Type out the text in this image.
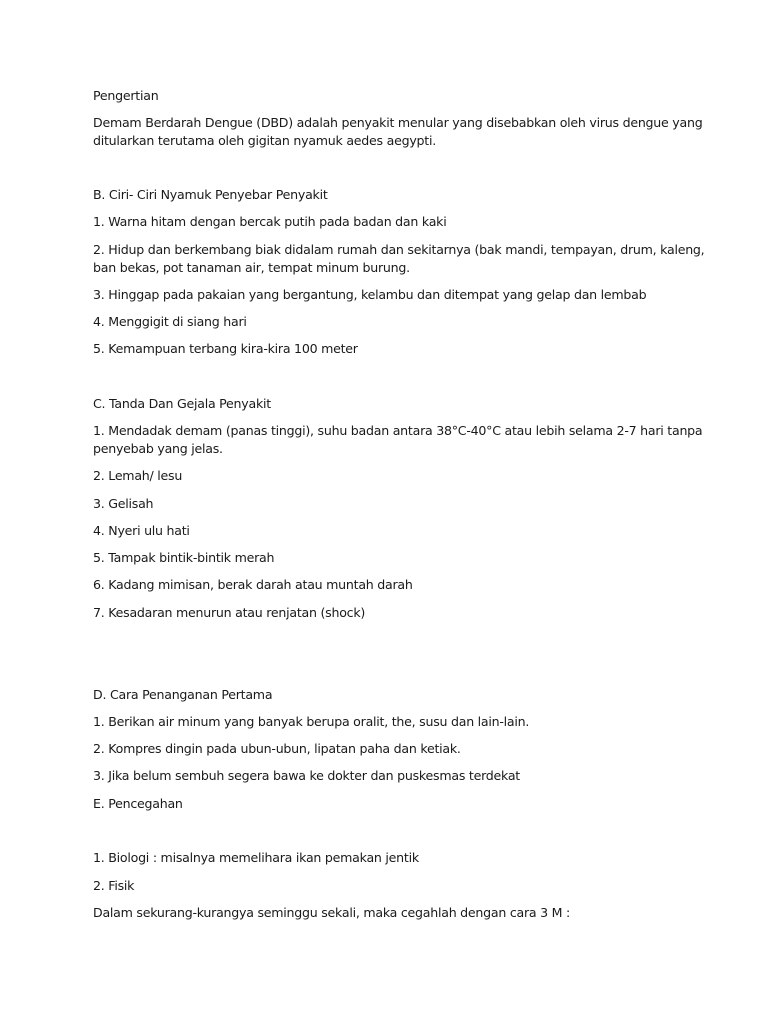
Pengertian
Demam Berdarah Dengue (DBD) adalah penyakit menular yang disebabkan oleh virus dengue yang
ditularkan terutama oleh gigitan nyamuk aedes aegypti.
B. Ciri- Ciri Nyamuk Penyebar Penyakit
1. Warna hitam dengan bercak putih pada badan dan kaki
2. Hidup dan berkembang biak didalam rumah dan sekitarnya (bak mandi, tempayan, drum, kaleng,
ban bekas, pot tanaman air, tempat minum burung.
3. Hinggap pada pakaian yang bergantung, kelambu dan ditempat yang gelap dan lembab
4. Menggigit di siang hari
5. Kemampuan terbang kira-kira 100 meter
C. Tanda Dan Gejala Penyakit
1. Mendadak demam (panas tinggi), suhu badan antara 38°C-40°C atau lebih selama 2-7 hari tanpa
penyebab yang jelas.
2. Lemah/ lesu
3. Gelisah
4. Nyeri ulu hati
5. Tampak bintik-bintik merah
6. Kadang mimisan, berak darah atau muntah darah
7. Kesadaran menurun atau renjatan (shock)
D. Cara Penanganan Pertama
1. Berikan air minum yang banyak berupa oralit, the, susu dan lain-lain.
2. Kompres dingin pada ubun-ubun, lipatan paha dan ketiak.
3. Jika belum sembuh segera bawa ke dokter dan puskesmas terdekat
E. Pencegahan
1. Biologi : misalnya memelihara ikan pemakan jentik
2. Fisik
Dalam sekurang-kurangya seminggu sekali, maka cegahlah dengan cara 3 M :
